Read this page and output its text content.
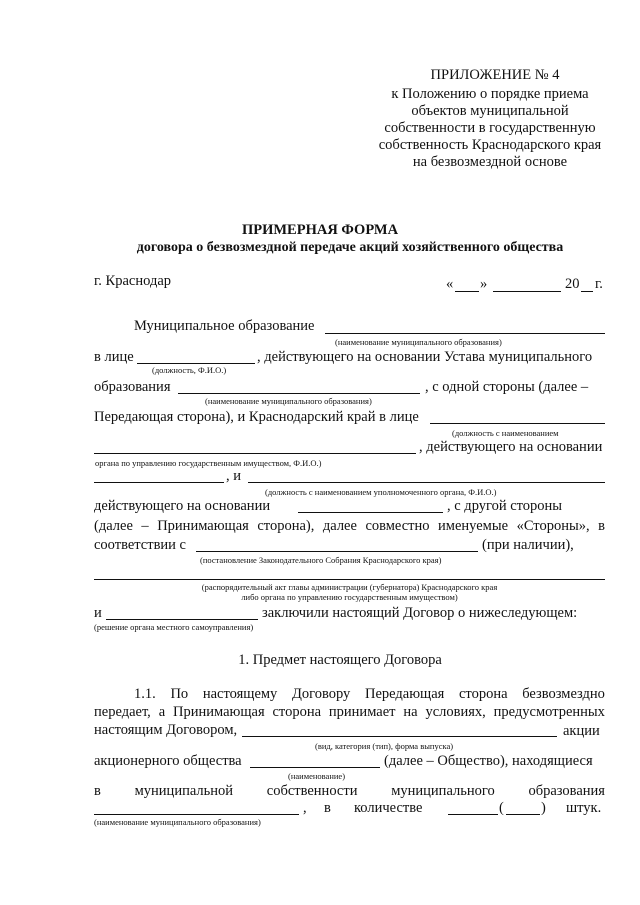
ПРИЛОЖЕНИЕ № 4
к Положению о порядке приема
объектов муниципальной
собственности в государственную
собственность Краснодарского края
на безвозмездной основе
ПРИМЕРНАЯ ФОРМА
договора о безвозмездной передаче акций хозяйственного общества
г. Краснодар	« »	20 г.
Муниципальное образование
(наименование муниципального образования)
в лице	, действующего на основании Устава муниципального
(должность, Ф.И.О.)
образования	, с одной стороны (далее –
(наименование муниципального образования)
Передающая сторона), и Краснодарский край в лице
(должность с наименованием
, действующего на основании
органа по управлению государственным имуществом, Ф.И.О.)
, и
(должность с наименованием уполномоченного органа, Ф.И.О.)
действующего на основании	, с другой стороны
(далее – Принимающая сторона), далее совместно именуемые «Стороны», в
соответствии с	(при наличии),
(постановление Законодательного Собрания Краснодарского края)
(распорядительный акт главы администрации (губернатора) Краснодарского края
либо органа по управлению государственным имуществом)
и	заключили настоящий Договор о нижеследующем:
(решение органа местного самоуправления)
1. Предмет настоящего Договора
1.1. По настоящему Договору Передающая сторона безвозмездно
передает, а Принимающая сторона принимает на условиях, предусмотренных
настоящим Договором,	акции
(вид, категория (тип), форма выпуска)
акционерного общества	(далее – Общество), находящиеся
(наименование)
в муниципальной собственности муниципального образования
, в количестве	(	) штук.
(наименование муниципального образования)
